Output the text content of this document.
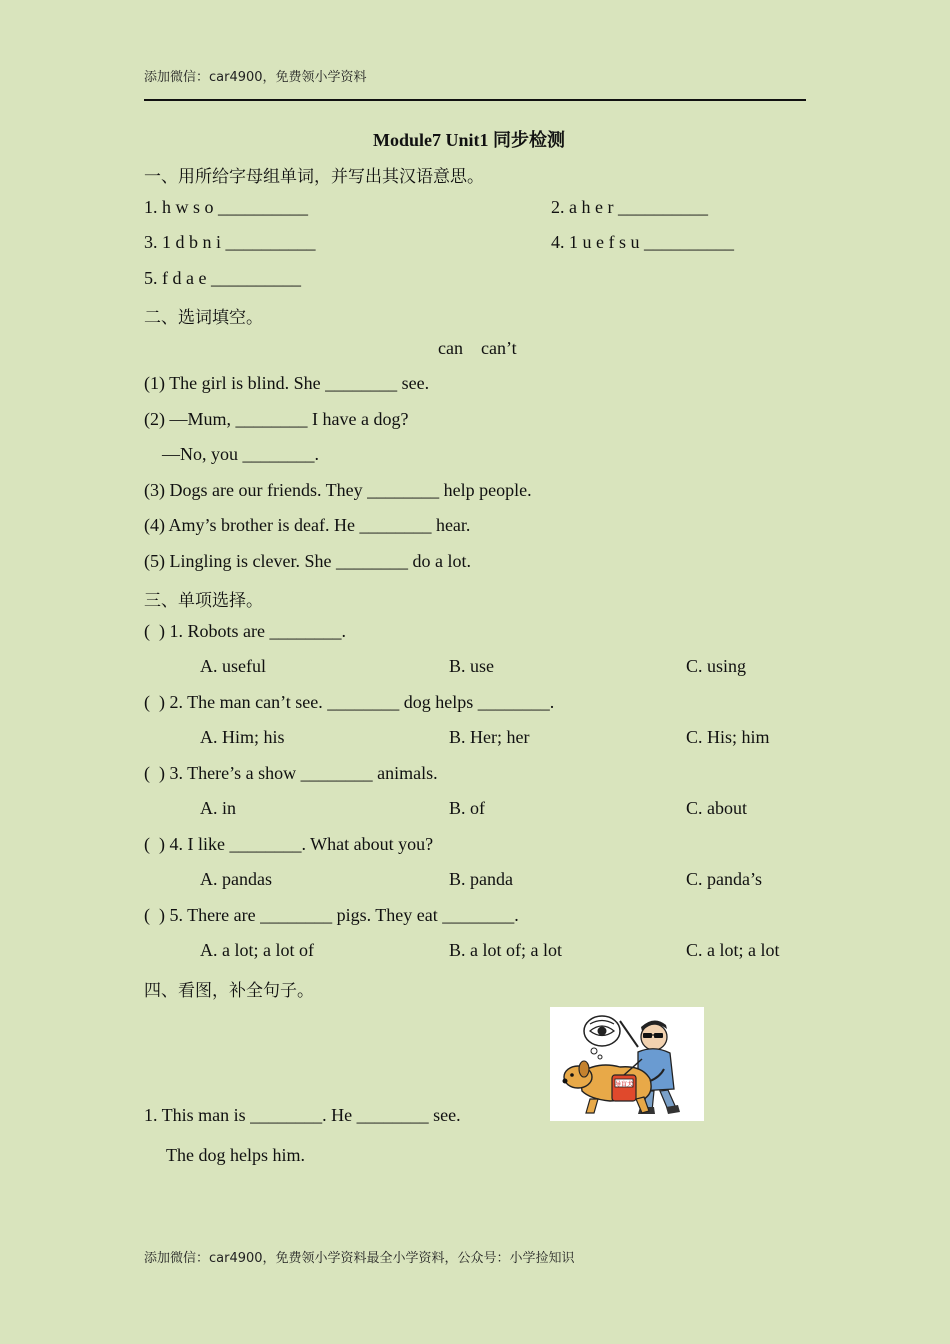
添加微信：car4900，免费领小学资料
Module7 Unit1 同步检测
一、用所给字母组单词，并写出其汉语意思。
1. h w s o __________	2. a h e r __________
3. 1 d b n i __________	4. 1 u e f s u __________
5. f d a e __________
二、选词填空。
can    can’t
(1) The girl is blind. She ________ see.
(2) —Mum, ________ I have a dog?
—No, you ________.
(3) Dogs are our friends. They ________ help people.
(4) Amy’s brother is deaf. He ________ hear.
(5) Lingling is clever. She ________ do a lot.
三、单项选择。
(  ) 1. Robots are ________.
A. useful	B. use	C. using
(  ) 2. The man can’t see. ________ dog helps ________.
A. Him; his	B. Her; her	C. His; him
(  ) 3. There’s a show ________ animals.
A. in	B. of	C. about
(  ) 4. I like ________. What about you?
A. pandas	B. panda	C. panda’s
(  ) 5. There are ________ pigs. They eat ________.
A. a lot; a lot of	B. a lot of; a lot	C. a lot; a lot
四、看图，补全句子。
导盲犬
1. This man is ________. He ________ see.
The dog helps him.
添加微信：car4900，免费领小学资料最全小学资料，公众号：小学捡知识
